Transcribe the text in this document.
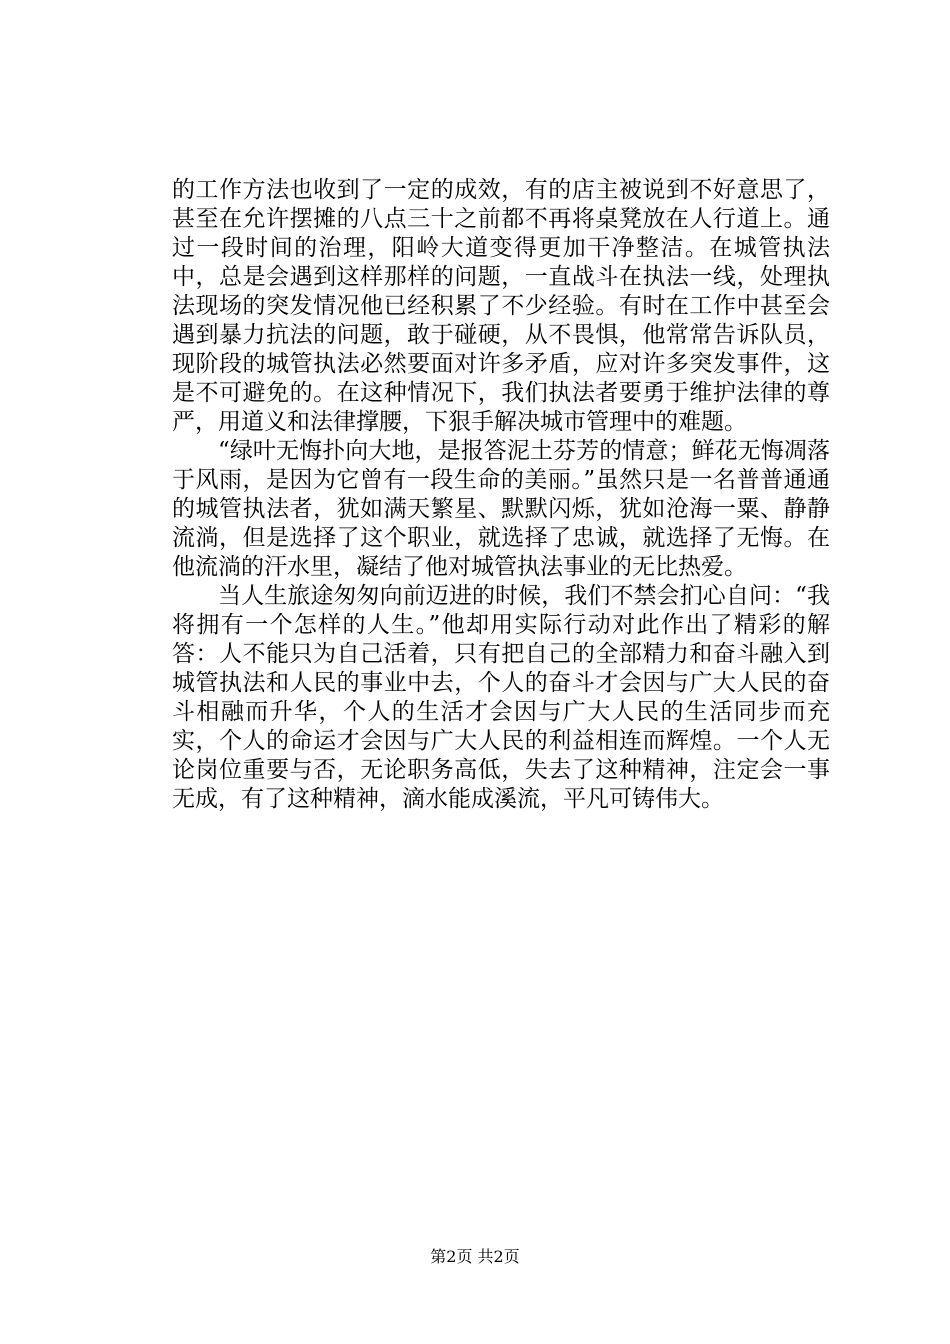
的工作方法也收到了一定的成效，有的店主被说到不好意思了，甚至在允许摆摊的八点三十之前都不再将桌凳放在人行道上。通过一段时间的治理，阳岭大道变得更加干净整洁。在城管执法中，总是会遇到这样那样的问题，一直战斗在执法一线，处理执法现场的突发情况他已经积累了不少经验。有时在工作中甚至会遇到暴力抗法的问题，敢于碰硬，从不畏惧，他常常告诉队员，现阶段的城管执法必然要面对许多矛盾，应对许多突发事件，这是不可避免的。在这种情况下，我们执法者要勇于维护法律的尊严，用道义和法律撑腰，下狠手解决城市管理中的难题。

“绿叶无悔扑向大地，是报答泥土芬芳的情意；鲜花无悔凋落于风雨，是因为它曾有一段生命的美丽。”虽然只是一名普普通通的城管执法者，犹如满天繁星、默默闪烁，犹如沧海一粟、静静流淌，但是选择了这个职业，就选择了忠诚，就选择了无悔。在他流淌的汗水里，凝结了他对城管执法事业的无比热爱。

当人生旅途匆匆向前迈进的时候，我们不禁会扪心自问：“我将拥有一个怎样的人生。”他却用实际行动对此作出了精彩的解答：人不能只为自己活着，只有把自己的全部精力和奋斗融入到城管执法和人民的事业中去，个人的奋斗才会因与广大人民的奋斗相融而升华，个人的生活才会因与广大人民的生活同步而充实，个人的命运才会因与广大人民的利益相连而辉煌。一个人无论岗位重要与否，无论职务高低，失去了这种精神，注定会一事无成，有了这种精神，滴水能成溪流，平凡可铸伟大。

第2页 共2页
